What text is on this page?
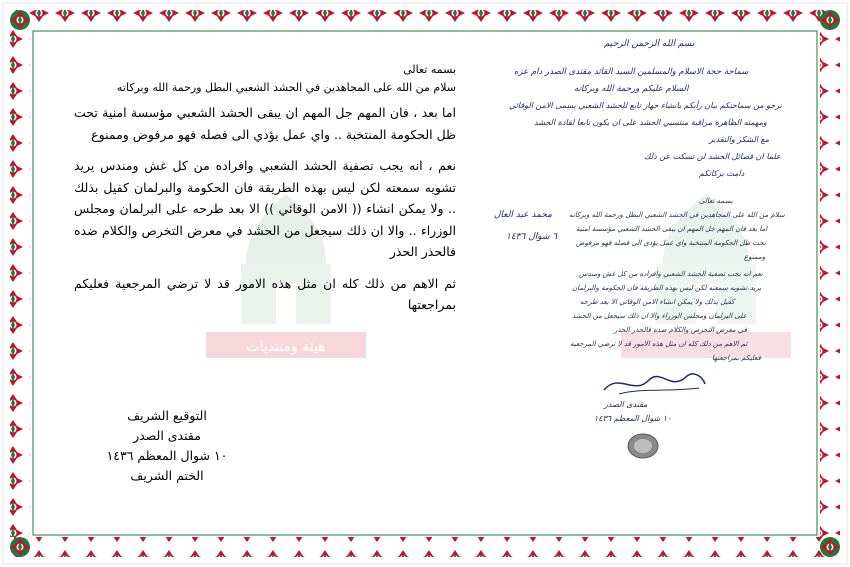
هيئة ومنتديات
بسمه تعالى
سلام من الله على المجاهدين في الحشد الشعبي البطل ورحمة الله وبركاته
اما بعد ، فان المهم جل المهم ان يبقى الحشد الشعبي مؤسسة امنية تحت ظل الحكومة المنتخبة .. واي عمل يؤدي الى فصله فهو مرفوض وممنوع
نعم ، انه يجب تصفية الحشد الشعبي وافراده من كل غش ومندس يريد تشويه سمعته لكن ليس بهذه الطريقة فان الحكومة والبرلمان كفيل بذلك .. ولا يمكن انشاء (( الامن الوقائي )) الا بعد طرحه على البرلمان ومجلس الوزراء .. والا ان ذلك سيجعل من الحشد في معرض التخرص والكلام ضده فالحذر الحذر
ثم الاهم من ذلك كله ان مثل هذه الامور قد لا ترضي المرجعية فعليكم بمراجعتها
التوقيع الشريف
مقتدى الصدر
١٠ شوال المعظم ١٤٣٦
الختم الشريف
بسم الله الرحمن الرحيم
سماحة حجة الاسلام والمسلمين السيد القائد مقتدى الصدر دام عزه
السلام عليكم ورحمة الله وبركاته
نرجو من سماحتكم بيان رأيكم بانشاء جهاز تابع للحشد الشعبي يسمى الامن الوقائي
ومهمته الظاهرة مراقبة منتسبي الحشد على ان يكون تابعا لقادة الحشد
مع الشكر والتقدير
علما ان فصائل الحشد لن تسكت عن ذلك
دامت بركاتكم
محمد عبد العال
٦ شوال ١٤٣٦
بسمه تعالى
سلام من الله على المجاهدين في الحشد الشعبي البطل ورحمة الله وبركاته
اما بعد فان المهم جل المهم ان يبقى الحشد الشعبي مؤسسة امنية
تحت ظل الحكومة المنتخبة واي عمل يؤدي الى فصله فهو مرفوض
وممنوع
نعم انه يجب تصفية الحشد الشعبي وافراده من كل غش ومندس
يريد تشويه سمعته لكن ليس بهذه الطريقة فان الحكومة والبرلمان
كفيل بذلك ولا يمكن انشاء الامن الوقائي الا بعد طرحه
على البرلمان ومجلس الوزراء والا ان ذلك سيجعل من الحشد
في معرض التخرص والكلام ضده فالحذر الحذر
ثم الاهم من ذلك كله ان مثل هذه الامور قد لا ترضي المرجعية
فعليكم بمراجعتها
مقتدى الصدر
١٠ شوال المعظم ١٤٣٦
